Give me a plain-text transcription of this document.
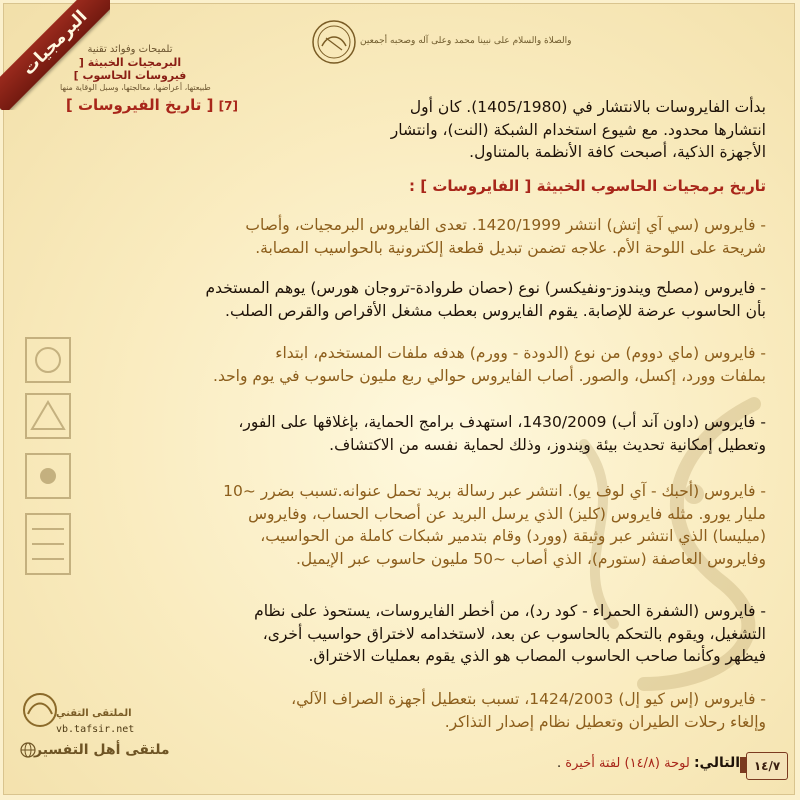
البرمجيات
تلميحات وفوائد تقنية
البرمجيات الخبيثة [ فيروسات الحاسوب ]
طبيعتها، أعراضها، معالجتها، وسبل الوقاية منها
[7] [ تاريخ الفيروسات ]
والصلاة والسلام على نبينا محمد وعلى آله وصحبه أجمعين
بدأت الفايروسات بالانتشار في (1405/1980). كان أول
انتشارها محدود. مع شيوع استخدام الشبكة (النت)، وانتشار
الأجهزة الذكية، أصبحت كافة الأنظمة بالمتناول.
تاريخ برمجيات الحاسوب الخبيثة [ الفايروسات ] :
- فايروس (سي آي إتش) انتشر 1420/1999. تعدى الفايروس البرمجيات، وأصاب
شريحة على اللوحة الأم. علاجه تضمن تبديل قطعة إلكترونية بالحواسيب المصابة.
- فايروس (مصلح ويندوز-ونفيكسر) نوع (حصان طروادة-تروجان هورس) يوهم المستخدم
بأن الحاسوب عرضة للإصابة. يقوم الفايروس بعطب مشغل الأقراص والقرص الصلب.
- فايروس (ماي دووم) من نوع (الدودة - وورم) هدفه ملفات المستخدم، ابتداء
بملفات وورد، إكسل، والصور. أصاب الفايروس حوالي ربع مليون حاسوب في يوم واحد.
- فايروس (داون آند أب) 1430/2009، استهدف برامج الحماية، بإغلاقها على الفور،
وتعطيل إمكانية تحديث بيئة ويندوز، وذلك لحماية نفسه من الاكتشاف.
- فايروس (أحبك - آي لوف يو). انتشر عبر رسالة بريد تحمل عنوانه.تسبب بضرر ~10
مليار يورو. مثله فايروس (كليز) الذي يرسل البريد عن أصحاب الحساب، وفايروس
(ميليسا) الذي انتشر عبر وثيقة (وورد) وقام بتدمير شبكات كاملة من الحواسيب،
وفايروس العاصفة (ستورم)، الذي أصاب ~50 مليون حاسوب عبر الإيميل.
- فايروس (الشفرة الحمراء - كود رد)، من أخطر الفايروسات، يستحوذ على نظام
التشغيل، ويقوم بالتحكم بالحاسوب عن بعد، لاستخدامه لاختراق حواسيب أخرى،
فيظهر وكأنما صاحب الحاسوب المصاب هو الذي يقوم بعمليات الاختراق.
- فايروس (إس كيو إل) 1424/2003، تسبب بتعطيل أجهزة الصراف الآلي،
وإلغاء رحلات الطيران وتعطيل نظام إصدار التذاكر.
الملتقى التقني
vb.tafsir.net
ملتقى أهل التفسير
التالي: لوحة (١٤/٨) لفتة أخيرة .	١٤/٧
